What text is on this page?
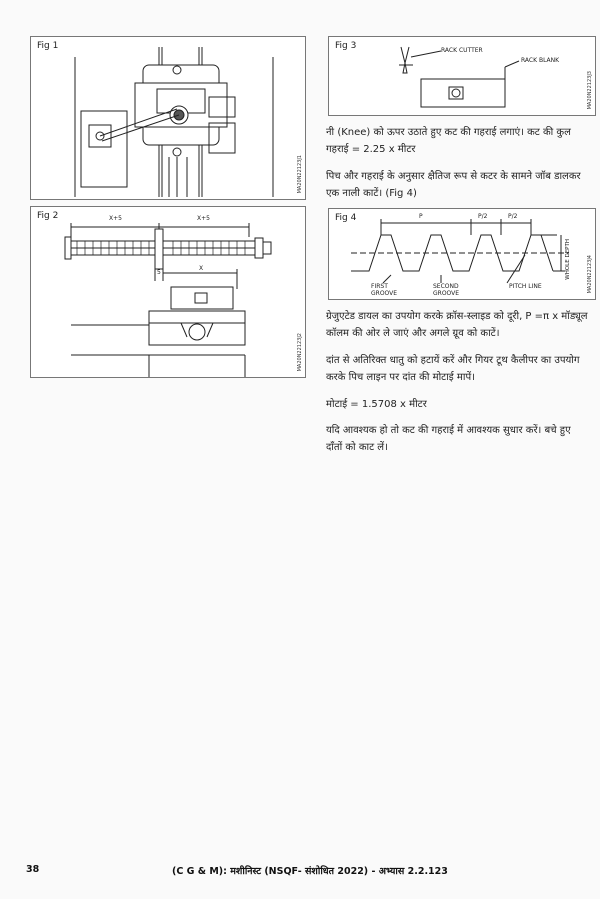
Fig 1
MA20N22123J1
Fig 2
MA20N22123J2
X+5	X+5
5
X
Fig 3
MA20N22123J3
RACK CUTTER
RACK BLANK

नी (Knee) को ऊपर उठाते हुए कट की गहराई लगाएं। कट की कुल
गहराई = 2.25 x मीटर

पिच और गहराई के अनुसार क्षैतिज रूप से कटर के सामने जॉब डालकर
एक नाली काटें। (Fig 4)

Fig 4
MA20N22123J4
P	P/2	P/2
WHOLE DEPTH
FIRST
GROOVE
SECOND
GROOVE
PITCH LINE

ग्रेजुएटेड डायल का उपयोग करके क्रॉस-स्लाइड को दूरी, P =π x मॉड्यूल
कॉलम की ओर ले जाएं और अगले ग्रूव को काटें।

दांत से अतिरिक्त धातु को हटायें करें और गियर टूथ कैलीपर का उपयोग
करके पिच लाइन पर दांत की मोटाई मापें।

मोटाई = 1.5708 x मीटर

यदि आवश्यक हो तो कट की गहराई में आवश्यक सुधार करें। बचे हुए
दाँतों को काट लें।

38	(C G & M): मशीनिस्ट (NSQF- संशोधित 2022) - अभ्यास 2.2.123
